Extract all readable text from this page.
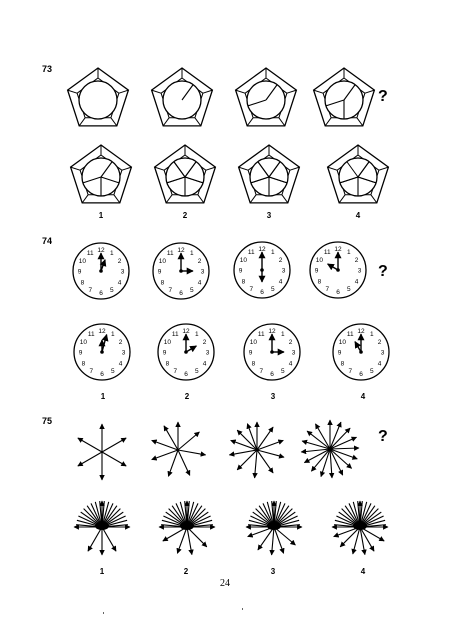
73
74
75
?
?
?
1	2	3	4
1	2	3	4
1	2	3	4
24
12 1
2
3
4
5
6
7
8
9
10
11	12 1
2
3
4
5
6
7
8
9
10
11
12 1
2
3
4
5
6
7
8
9
10
11	12 1
2
3
4
5
6
7
8
9
10
11
12 1
2
3
4
5
6
7
8
9
10
11	12 1
2
3
4
5
6
7
8
9
10
11	12 1
2
3
4
5
6
7
8
9
10
11	12 1
2
3
4
5
6
7
8
9
10
11
